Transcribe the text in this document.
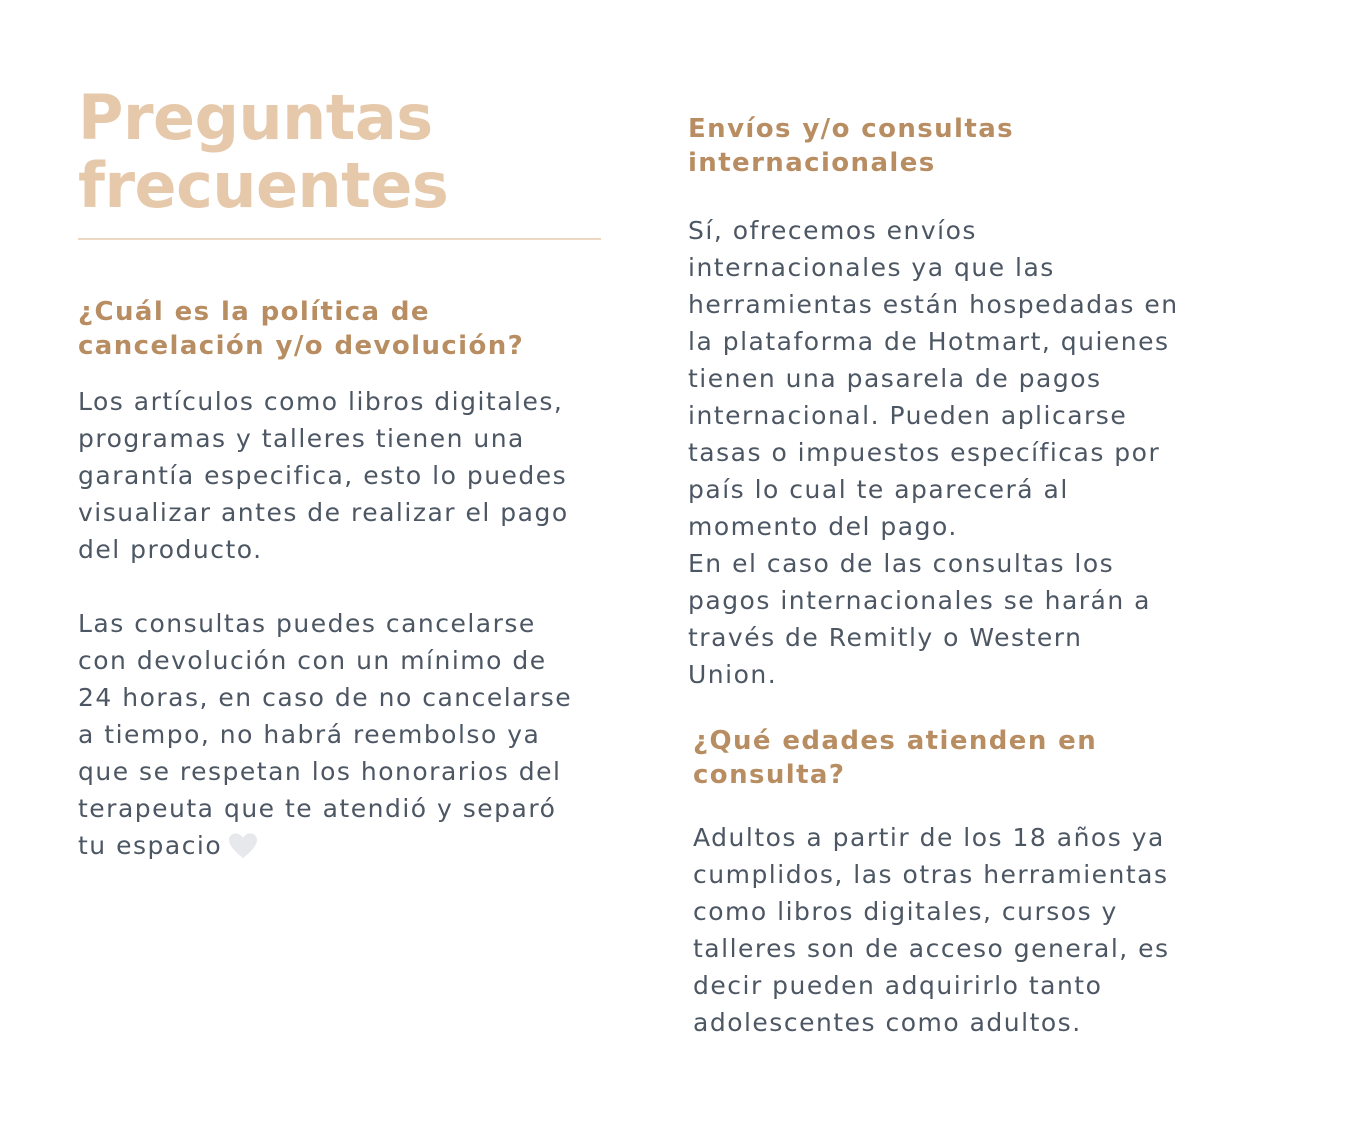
Preguntas
frecuentes
¿Cuál es la política de
cancelación y/o devolución?

Los artículos como libros digitales,
programas y talleres tienen una
garantía especifica, esto lo puedes
visualizar antes de realizar el pago
del producto.

Las consultas puedes cancelarse
con devolución con un mínimo de
24 horas, en caso de no cancelarse
a tiempo, no habrá reembolso ya
que se respetan los honorarios del
terapeuta que te atendió y separó
tu espacio

Envíos y/o consultas
internacionales

Sí, ofrecemos envíos
internacionales ya que las
herramientas están hospedadas en
la plataforma de Hotmart, quienes
tienen una pasarela de pagos
internacional. Pueden aplicarse
tasas o impuestos específicas por
país lo cual te aparecerá al
momento del pago.
En el caso de las consultas los
pagos internacionales se harán a
través de Remitly o Western
Union.

¿Qué edades atienden en
consulta?

Adultos a partir de los 18 años ya
cumplidos, las otras herramientas
como libros digitales, cursos y
talleres son de acceso general, es
decir pueden adquirirlo tanto
adolescentes como adultos.
